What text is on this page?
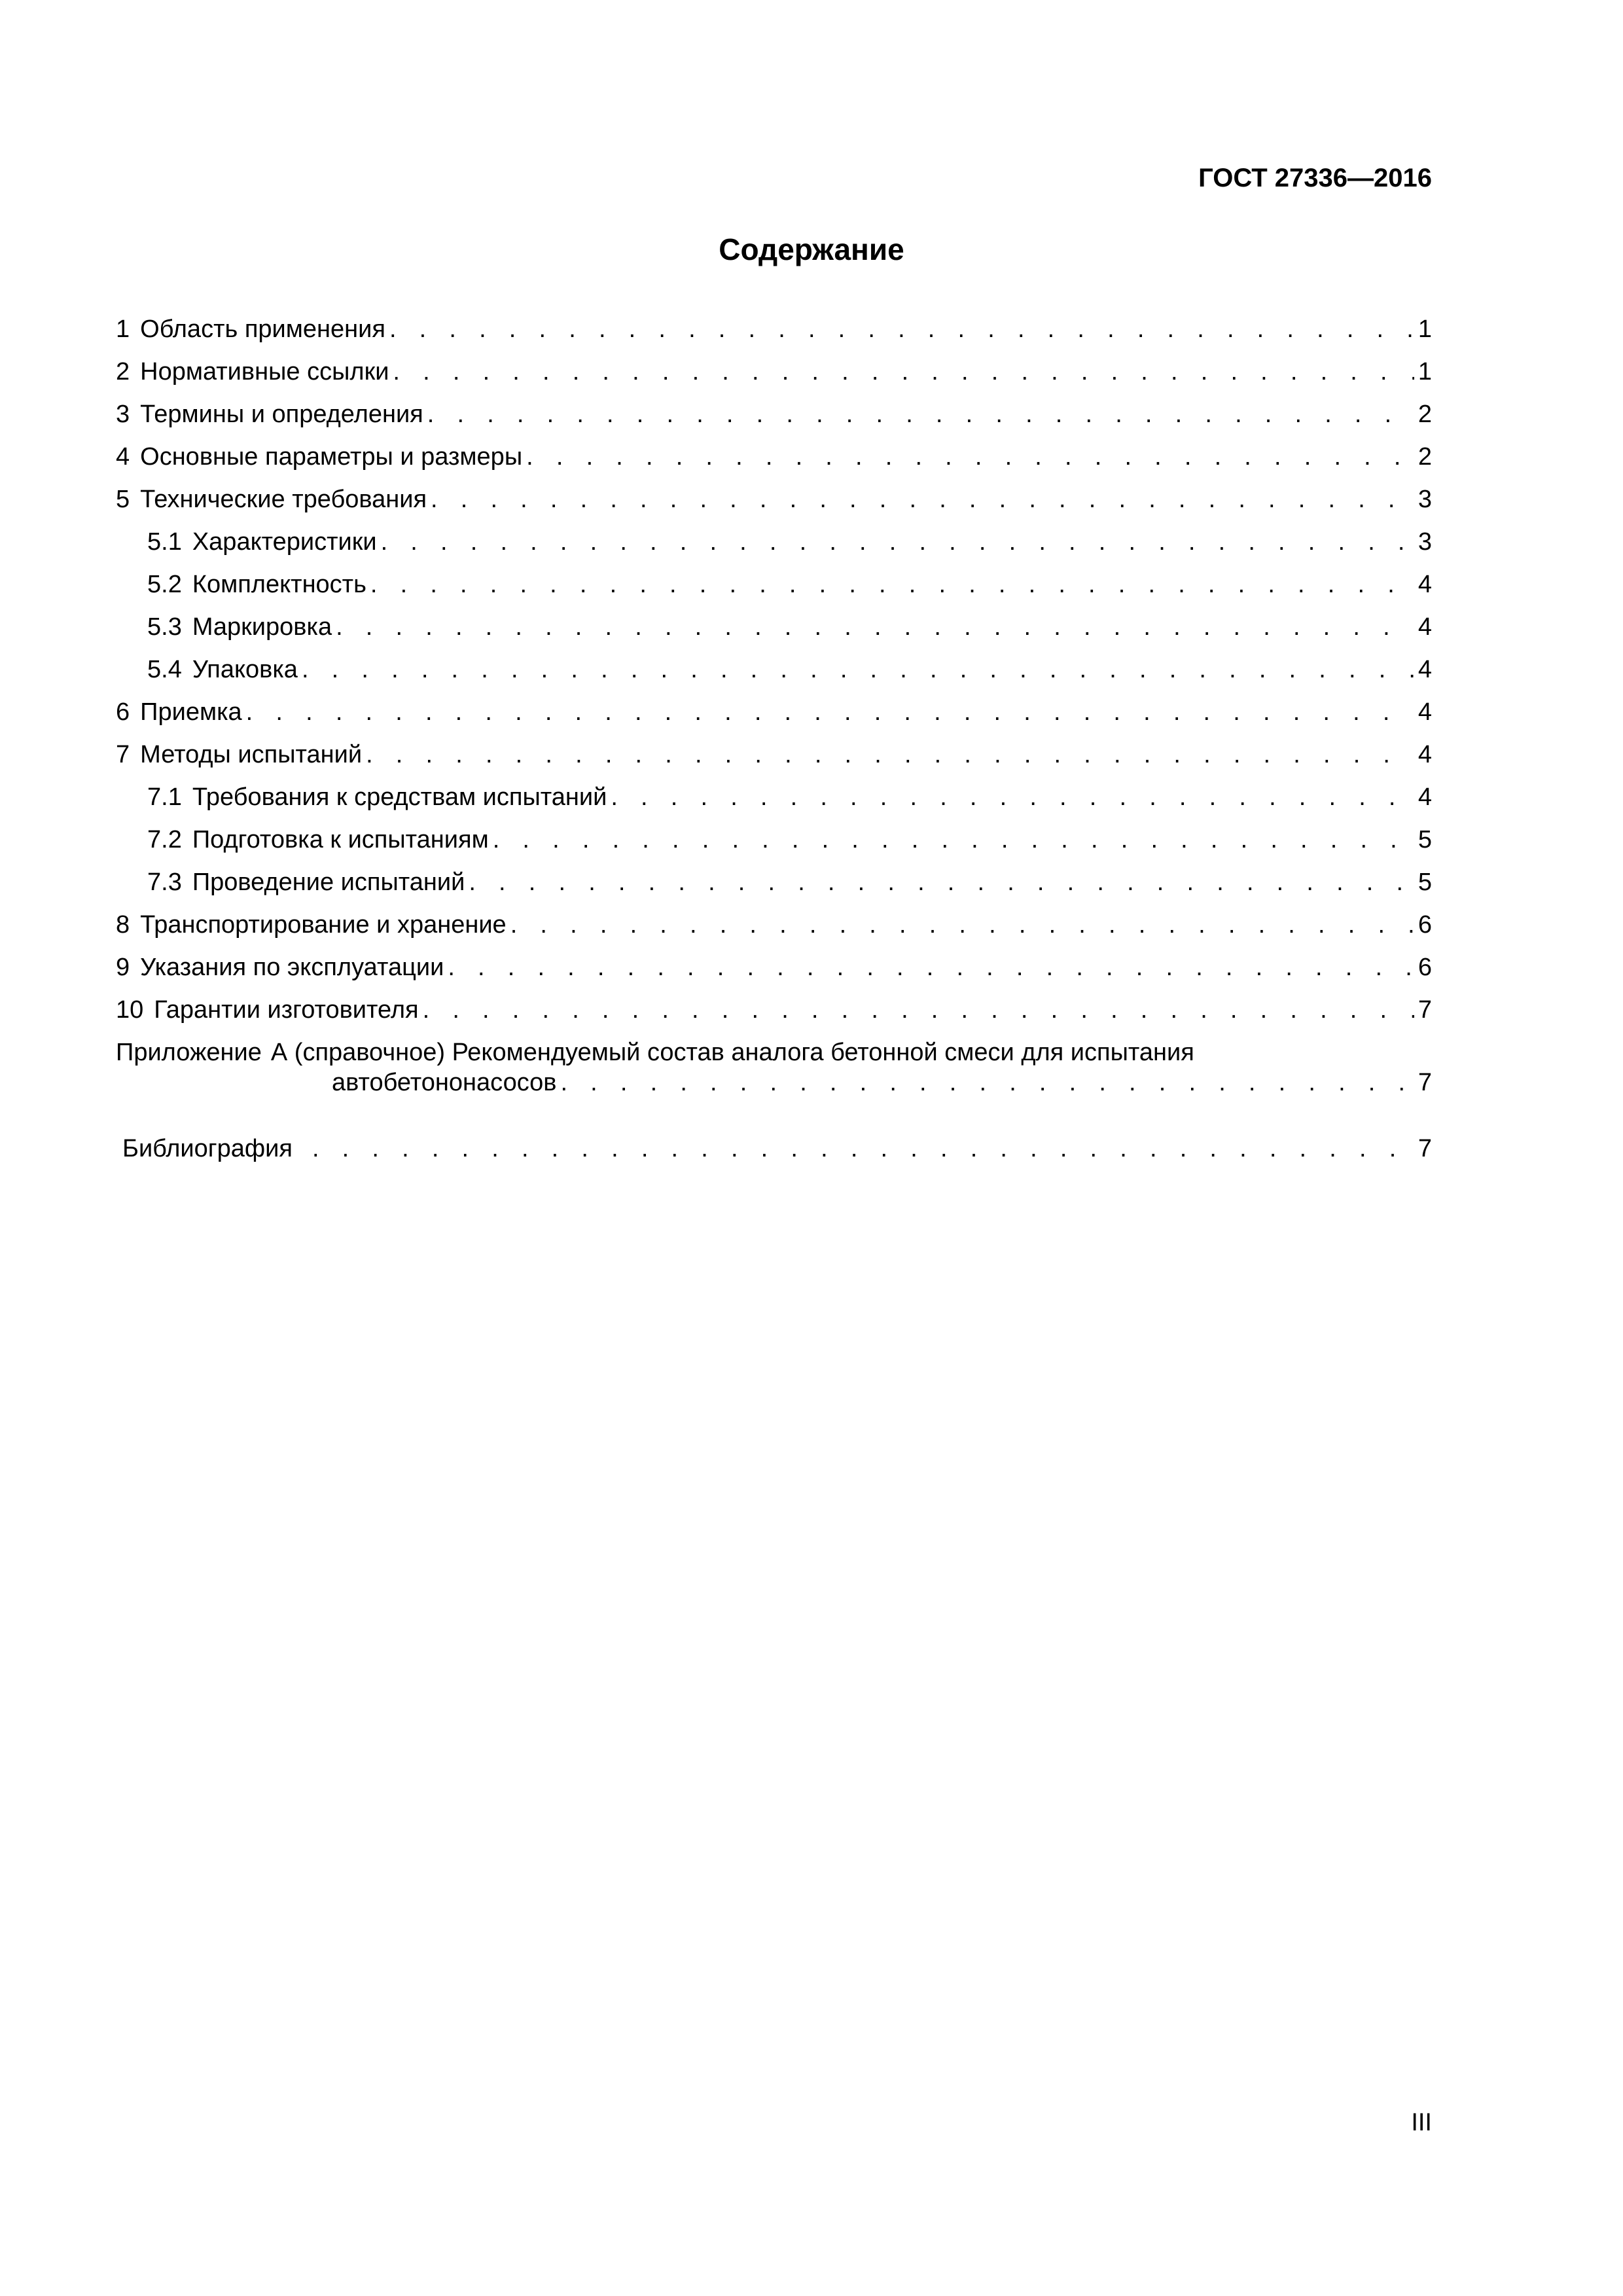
ГОСТ 27336—2016
Содержание
1 Область применения . . .	1
2 Нормативные ссылки . . .	1
3 Термины и определения . . .	2
4 Основные параметры и размеры . . .	2
5 Технические требования . . .	3
5.1 Характеристики . . .	3
5.2 Комплектность . . .	4
5.3 Маркировка . . .	4
5.4 Упаковка . . .	4
6 Приемка . . .	4
7 Методы испытаний . . .	4
7.1 Требования к средствам испытаний . . .	4
7.2 Подготовка к испытаниям . . .	5
7.3 Проведение испытаний . . .	5
8 Транспортирование и хранение . . .	6
9 Указания по эксплуатации . . .	6
10 Гарантии изготовителя . . .	7
Приложение А (справочное) Рекомендуемый состав аналога бетонной смеси для испытания
автобетононасосов . . .	7
Библиография . . .	7
III
